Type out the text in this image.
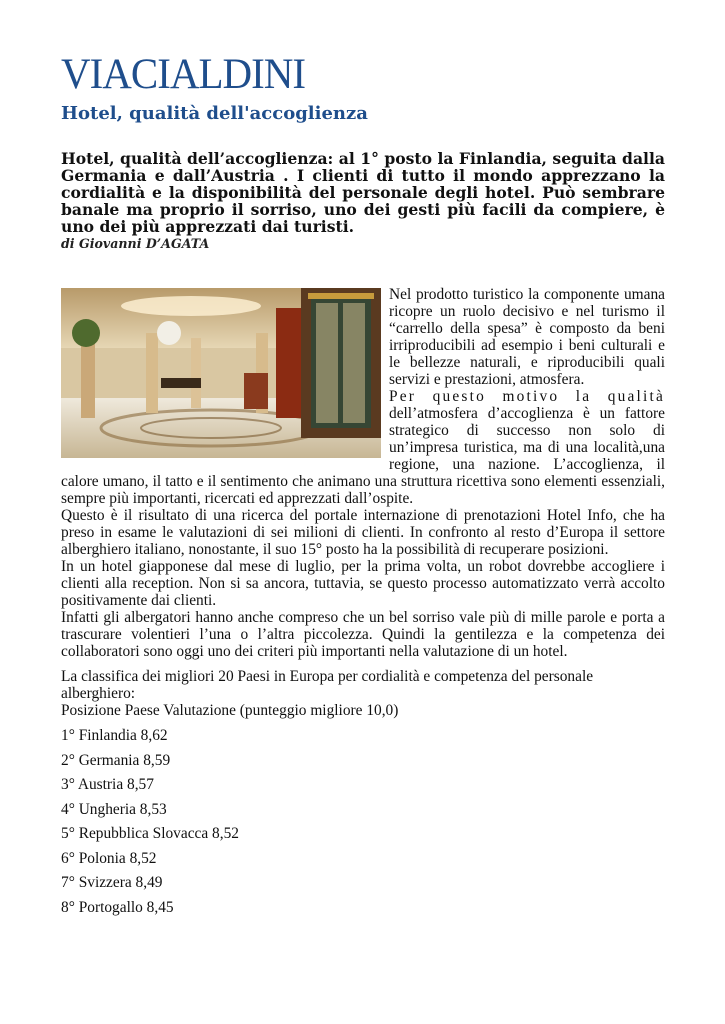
VIACIALDINI
Hotel, qualità dell'accoglienza
Hotel, qualità dell’accoglienza: al 1° posto la Finlandia, seguita dalla Germania e dall’Austria . I clienti di tutto il mondo apprezzano la cordialità e la disponibilità del personale degli hotel. Può sembrare banale ma proprio il sorriso, uno dei gesti più facili da compiere, è uno dei più apprezzati dai turisti.
di Giovanni D’AGATA

Nel prodotto turistico la componente umana ricopre un ruolo decisivo e nel turismo il “carrello della spesa” è composto da beni irriproducibili ad esempio i beni culturali e le bellezze naturali, e riproducibili quali servizi e prestazioni, atmosfera.

Per questo motivo la qualità dell’atmosfera d’accoglienza è un fattore strategico di successo non solo di un’impresa turistica, ma di una località,una regione, una nazione. L’accoglienza, il calore umano, il tatto e il sentimento che animano una struttura ricettiva sono elementi essenziali, sempre più importanti, ricercati ed apprezzati dall’ospite.

Questo è il risultato di una ricerca del portale internazione di prenotazioni Hotel Info, che ha preso in esame le valutazioni di sei milioni di clienti. In confronto al resto d’Europa il settore alberghiero italiano, nonostante, il suo 15° posto ha la possibilità di recuperare posizioni.

In un hotel giapponese dal mese di luglio, per la prima volta, un robot dovrebbe accogliere i clienti alla reception. Non si sa ancora, tuttavia, se questo processo automatizzato verrà accolto positivamente dai clienti.

Infatti gli albergatori hanno anche compreso che un bel sorriso vale più di mille parole e porta a trascurare volentieri l’una o l’altra piccolezza. Quindi la gentilezza e la competenza dei collaboratori sono oggi uno dei criteri più importanti nella valutazione di un hotel.

La classifica dei migliori 20 Paesi in Europa per cordialità e competenza del personale alberghiero:
Posizione Paese Valutazione (punteggio migliore 10,0)
1° Finlandia 8,62
2° Germania 8,59
3° Austria 8,57
4° Ungheria 8,53
5° Repubblica Slovacca 8,52
6° Polonia 8,52
7° Svizzera 8,49
8° Portogallo 8,45
